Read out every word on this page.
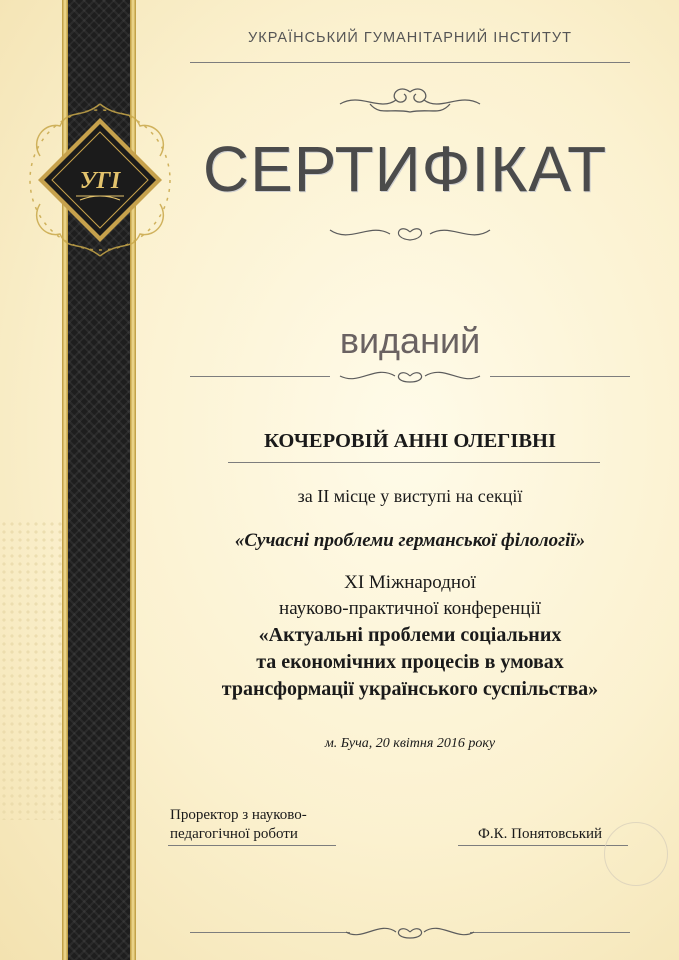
УГІ
УКРАЇНСЬКИЙ ГУМАНІТАРНИЙ ІНСТИТУТ
СЕРТИФІКАТ
виданий
КОЧЕРОВІЙ АННІ ОЛЕГІВНІ
за ІІ місце у виступі на секції
«Сучасні проблеми германської філології»
XI Міжнародної
науково-практичної конференції
«Актуальні проблеми соціальних
та економічних процесів в умовах
трансформації українського суспільства»
м. Буча, 20 квітня 2016 року
Проректор з науково-
педагогічної роботи	Ф.К. Понятовський
